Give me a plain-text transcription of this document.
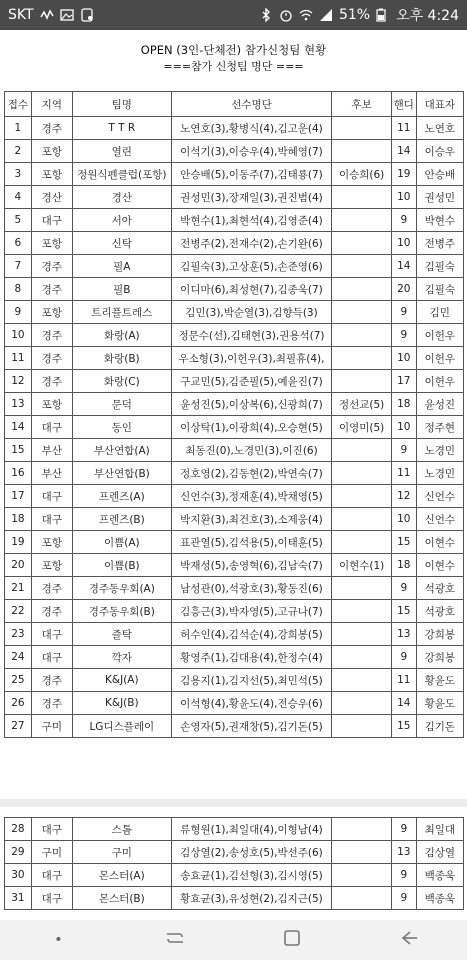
SKT	51% 오후 4:24
OPEN (3인-단체전) 참가신청팀 현황
===참가 신청팀 명단 ===
접수	지역	팀명	선수명단	후보	핸디	대표자
1	경주	T T R	노연호(3),황병식(4),김고운(4)		11	노연호
2	포항	열린	이석기(3),이승우(4),박혜영(7)		14	이승우
3	포항	정원식펜클럽(포항)	안승배(5),이동주(7),김태룡(7)	이승희(6)	19	안승배
4	경산	경산	권성민(3),장재일(3),권진범(4)		10	권성민
5	대구	서아	박현수(1),최현석(4),김영준(4)		9	박현수
6	포항	신탁	전병주(2),전재수(2),손기완(6)		10	전병주
7	경주	필A	김필숙(3),고상훈(5),손준영(6)		14	김필숙
8	경주	필B	이디마(6),최성현(7),김종욱(7)		20	김필숙
9	포항	트리플트레스	김민(3),박순열(3),김향득(3)		9	김민
10	경주	화랑(A)	정문수(선),김태현(3),권용석(7)		9	이헌우
11	경주	화랑(B)	우소형(3),이헌우(3),최필휴(4),		10	이헌우
12	경주	화랑(C)	구교민(5),김준필(5),예윤진(7)		17	이헌우
13	포항	문덕	윤성진(5),이상복(6),신광희(7)	정선교(5)	18	윤성진
14	대구	동인	이상탁(1),이광희(4),오승현(5)	이영미(5)	10	정주현
15	부산	부산연합(A)	최동진(0),노경민(3),이진(6)		9	노경민
16	부산	부산연합(B)	정호영(2),김동현(2),박연숙(7)		11	노경민
17	대구	프렌즈(A)	신언수(3),정재훈(4),박채영(5)		12	신언수
18	대구	프렌즈(B)	박지환(3),최건호(3),소제웅(4)		10	신언수
19	포항	이쁨(A)	표관열(5),김석용(5),이태훈(5)		15	이현수
20	포항	이쁨(B)	박재성(5),송영혁(6),김남숙(7)	이현수(1)	18	이현수
21	경주	경주동우회(A)	남성관(0),석광호(3),황동진(6)		9	석광호
22	경주	경주동우회(B)	김흥근(3),박자영(5),고규나(7)		15	석광호
23	대구	즐탁	허수인(4),김석순(4),강희봉(5)		13	강희봉
24	대구	깍자	황영주(1),김대용(4),한정수(4)		9	강희봉
25	경주	K&J(A)	김용지(1),김지선(5),최민석(5)		11	황윤도
26	경주	K&J(B)	이석형(4),황윤도(4),전승우(6)		14	황윤도
27	구미	LG디스플레이	손영자(5),권재창(5),김기돈(5)		15	김기돈
28	대구	스톰	류형원(1),최일대(4),이형남(4)		9	최일대
29	구미	구미	김상열(2),송성호(5),박선주(6)		13	김상열
30	대구	몬스터(A)	송효균(1),김선형(3),김시영(5)		9	백종욱
31	대구	몬스터(B)	황효균(3),유성현(2),김지근(5)		9	백종욱
•
